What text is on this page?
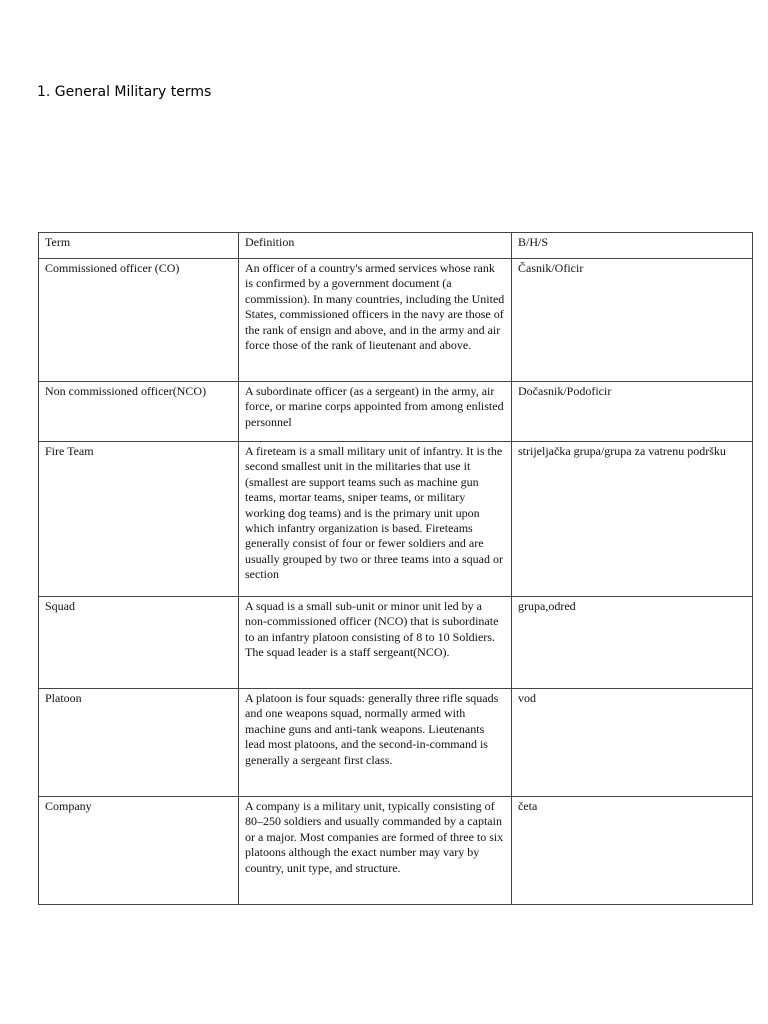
1. General Military terms
Term	Definition	B/H/S
Commissioned officer (CO)	An officer of a country's armed services whose rank is confirmed by a government document (a commission). In many countries, including the United States, commissioned officers in the navy are those of the rank of ensign and above, and in the army and air force those of the rank of lieutenant and above.	Časnik/Oficir
Non commissioned officer(NCO)	A subordinate officer (as a sergeant) in the army, air force, or marine corps appointed from among enlisted personnel	Dočasnik/Podoficir
Fire Team	A fireteam is a small military unit of infantry. It is the second smallest unit in the militaries that use it (smallest are support teams such as machine gun teams, mortar teams, sniper teams, or military working dog teams) and is the primary unit upon which infantry organization is based. Fireteams generally consist of four or fewer soldiers and are usually grouped by two or three teams into a squad or section	strijeljačka grupa/grupa za vatrenu podršku
Squad	A squad is a small sub-unit or minor unit led by a non-commissioned officer (NCO) that is subordinate to an infantry platoon consisting of 8 to 10 Soldiers. The squad leader is a staff sergeant(NCO).	grupa,odred
Platoon	A platoon is four squads: generally three rifle squads and one weapons squad, normally armed with machine guns and anti-tank weapons. Lieutenants lead most platoons, and the second-in-command is generally a sergeant first class.	vod
Company	A company is a military unit, typically consisting of 80–250 soldiers and usually commanded by a captain or a major. Most companies are formed of three to six platoons although the exact number may vary by country, unit type, and structure.	četa
